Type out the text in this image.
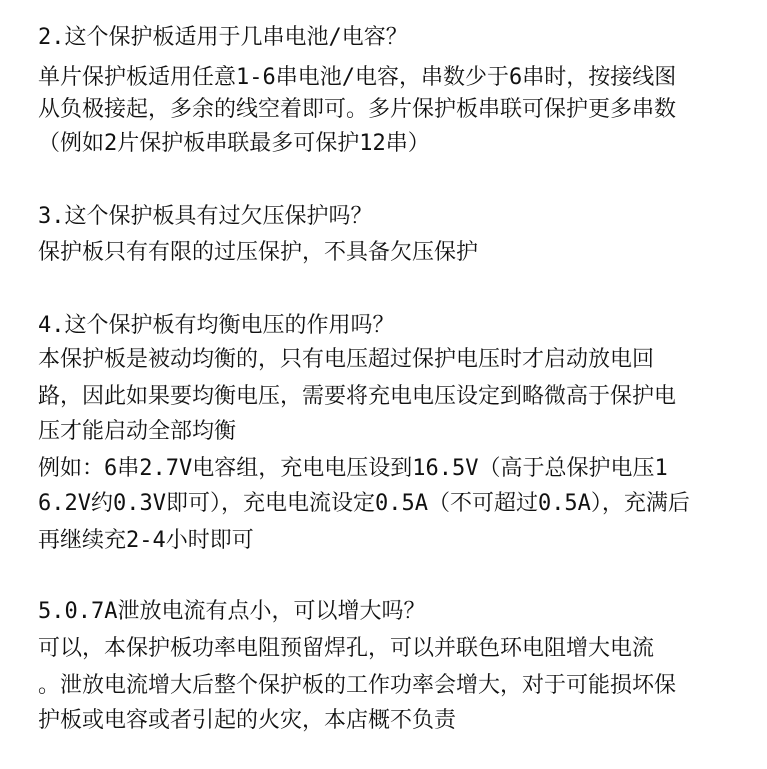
2.这个保护板适用于几串电池/电容？
单片保护板适用任意1-6串电池/电容，串数少于6串时，按接线图
从负极接起，多余的线空着即可。多片保护板串联可保护更多串数
（例如2片保护板串联最多可保护12串）
3.这个保护板具有过欠压保护吗？
保护板只有有限的过压保护，不具备欠压保护
4.这个保护板有均衡电压的作用吗？
本保护板是被动均衡的，只有电压超过保护电压时才启动放电回
路，因此如果要均衡电压，需要将充电电压设定到略微高于保护电
压才能启动全部均衡
例如：6串2.7V电容组，充电电压设到16.5V（高于总保护电压1
6.2V约0.3V即可），充电电流设定0.5A（不可超过0.5A），充满后
再继续充2-4小时即可
5.0.7A泄放电流有点小，可以增大吗？
可以，本保护板功率电阻预留焊孔，可以并联色环电阻增大电流
。泄放电流增大后整个保护板的工作功率会增大，对于可能损坏保
护板或电容或者引起的火灾，本店概不负责
